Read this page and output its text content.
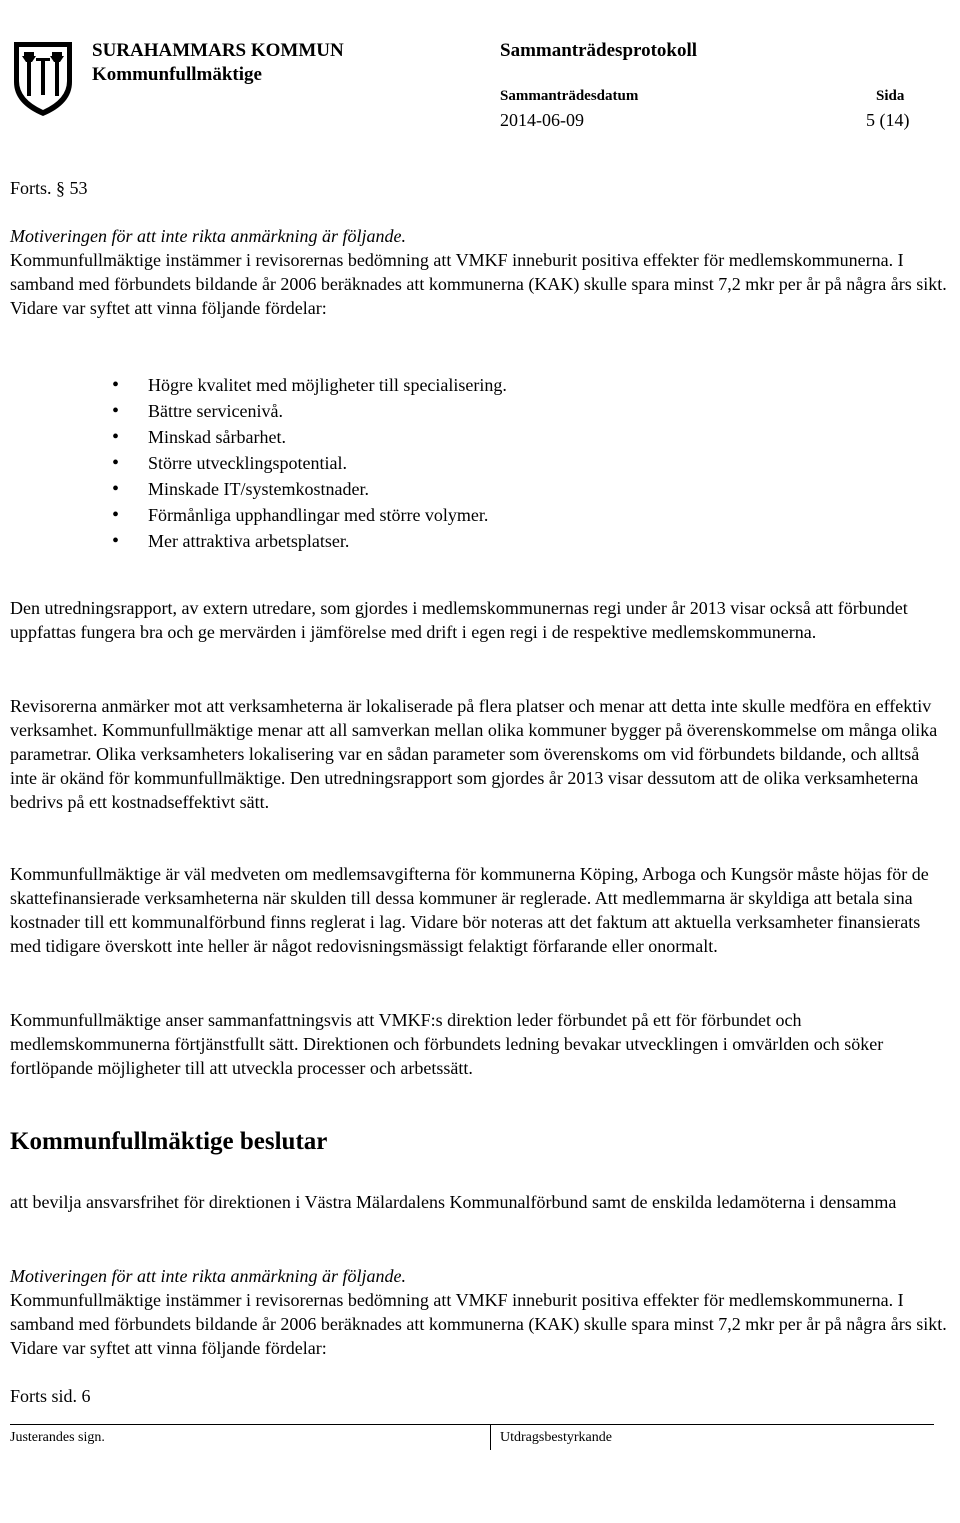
SURAHAMMARS KOMMUN
Kommunfullmäktige
Sammanträdesprotokoll
Sammanträdesdatum	Sida
2014-06-09	5 (14)
Forts. § 53
Motiveringen för att inte rikta anmärkning är följande.
Kommunfullmäktige instämmer i revisorernas bedömning att VMKF inneburit positiva effekter för medlemskommunerna. I samband med förbundets bildande år 2006 beräknades att kommunerna (KAK) skulle spara minst 7,2 mkr per år på några års sikt. Vidare var syftet att vinna följande fördelar:
• Högre kvalitet med möjligheter till specialisering.
• Bättre servicenivå.
• Minskad sårbarhet.
• Större utvecklingspotential.
• Minskade IT/systemkostnader.
• Förmånliga upphandlingar med större volymer.
• Mer attraktiva arbetsplatser.
Den utredningsrapport, av extern utredare, som gjordes i medlemskommunernas regi under år 2013 visar också att förbundet uppfattas fungera bra och ge mervärden i jämförelse med drift i egen regi i de respektive medlemskommunerna.
Revisorerna anmärker mot att verksamheterna är lokaliserade på flera platser och menar att detta inte skulle medföra en effektiv verksamhet. Kommunfullmäktige menar att all samverkan mellan olika kommuner bygger på överenskommelse om många olika parametrar. Olika verksamheters lokalisering var en sådan parameter som överenskoms om vid förbundets bildande, och alltså inte är okänd för kommunfullmäktige. Den utredningsrapport som gjordes år 2013 visar dessutom att de olika verksamheterna bedrivs på ett kostnadseffektivt sätt.
Kommunfullmäktige är väl medveten om medlemsavgifterna för kommunerna Köping, Arboga och Kungsör måste höjas för de skattefinansierade verksamheterna när skulden till dessa kommuner är reglerade. Att medlemmarna är skyldiga att betala sina kostnader till ett kommunalförbund finns reglerat i lag. Vidare bör noteras att det faktum att aktuella verksamheter finansierats med tidigare överskott inte heller är något redovisningsmässigt felaktigt förfarande eller onormalt.
Kommunfullmäktige anser sammanfattningsvis att VMKF:s direktion leder förbundet på ett för förbundet och medlemskommunerna förtjänstfullt sätt. Direktionen och förbundets ledning bevakar utvecklingen i omvärlden och söker fortlöpande möjligheter till att utveckla processer och arbetssätt.
Kommunfullmäktige beslutar
att bevilja ansvarsfrihet för direktionen i Västra Mälardalens Kommunalförbund samt de enskilda ledamöterna i densamma
Motiveringen för att inte rikta anmärkning är följande.
Kommunfullmäktige instämmer i revisorernas bedömning att VMKF inneburit positiva effekter för medlemskommunerna. I samband med förbundets bildande år 2006 beräknades att kommunerna (KAK) skulle spara minst 7,2 mkr per år på några års sikt. Vidare var syftet att vinna följande fördelar:
Forts sid. 6
Justerandes sign.	Utdragsbestyrkande
